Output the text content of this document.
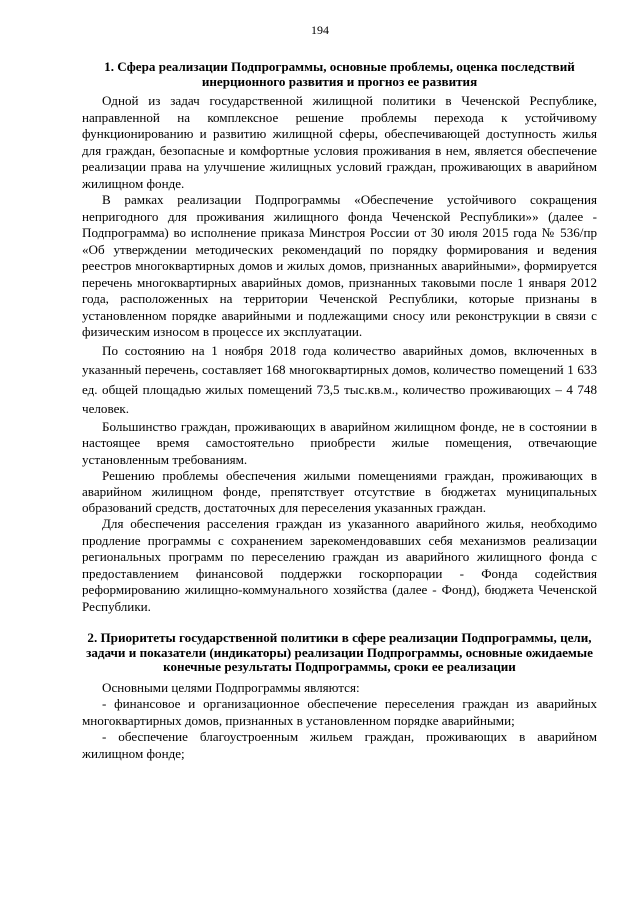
194
1. Сфера реализации Подпрограммы, основные проблемы, оценка последствий инерционного развития и прогноз ее развития

Одной из задач государственной жилищной политики в Чеченской Республике, направленной на комплексное решение проблемы перехода к устойчивому функционированию и развитию жилищной сферы, обеспечивающей доступность жилья для граждан, безопасные и комфортные условия проживания в нем, является обеспечение реализации права на улучшение жилищных условий граждан, проживающих в аварийном жилищном фонде.

В рамках реализации Подпрограммы «Обеспечение устойчивого сокращения непригодного для проживания жилищного фонда Чеченской Республики»» (далее - Подпрограмма) во исполнение приказа Минстроя России от 30 июля 2015 года № 536/пр «Об утверждении методических рекомендаций по порядку формирования и ведения реестров многоквартирных домов и жилых домов, признанных аварийными», формируется перечень многоквартирных аварийных домов, признанных таковыми после 1 января 2012 года, расположенных на территории Чеченской Республики, которые признаны в установленном порядке аварийными и подлежащими сносу или реконструкции в связи с физическим износом в процессе их эксплуатации.

По состоянию на 1 ноября 2018 года количество аварийных домов, включенных в указанный перечень, составляет 168 многоквартирных домов, количество помещений 1 633 ед. общей площадью жилых помещений 73,5 тыс.кв.м., количество проживающих – 4 748 человек.

Большинство граждан, проживающих в аварийном жилищном фонде, не в состоянии в настоящее время самостоятельно приобрести жилые помещения, отвечающие установленным требованиям.

Решению проблемы обеспечения жилыми помещениями граждан, проживающих в аварийном жилищном фонде, препятствует отсутствие в бюджетах муниципальных образований средств, достаточных для переселения указанных граждан.

Для обеспечения расселения граждан из указанного аварийного жилья, необходимо продление программы с сохранением зарекомендовавших себя механизмов реализации региональных программ по переселению граждан из аварийного жилищного фонда с предоставлением финансовой поддержки госкорпорации - Фонда содействия реформированию жилищно-коммунального хозяйства (далее - Фонд), бюджета Чеченской Республики.

2. Приоритеты государственной политики в сфере реализации Подпрограммы, цели, задачи и показатели (индикаторы) реализации Подпрограммы, основные ожидаемые конечные результаты Подпрограммы, сроки ее реализации

Основными целями Подпрограммы являются:

- финансовое и организационное обеспечение переселения граждан из аварийных многоквартирных домов, признанных в установленном порядке аварийными;

- обеспечение благоустроенным жильем граждан, проживающих в аварийном жилищном фонде;
